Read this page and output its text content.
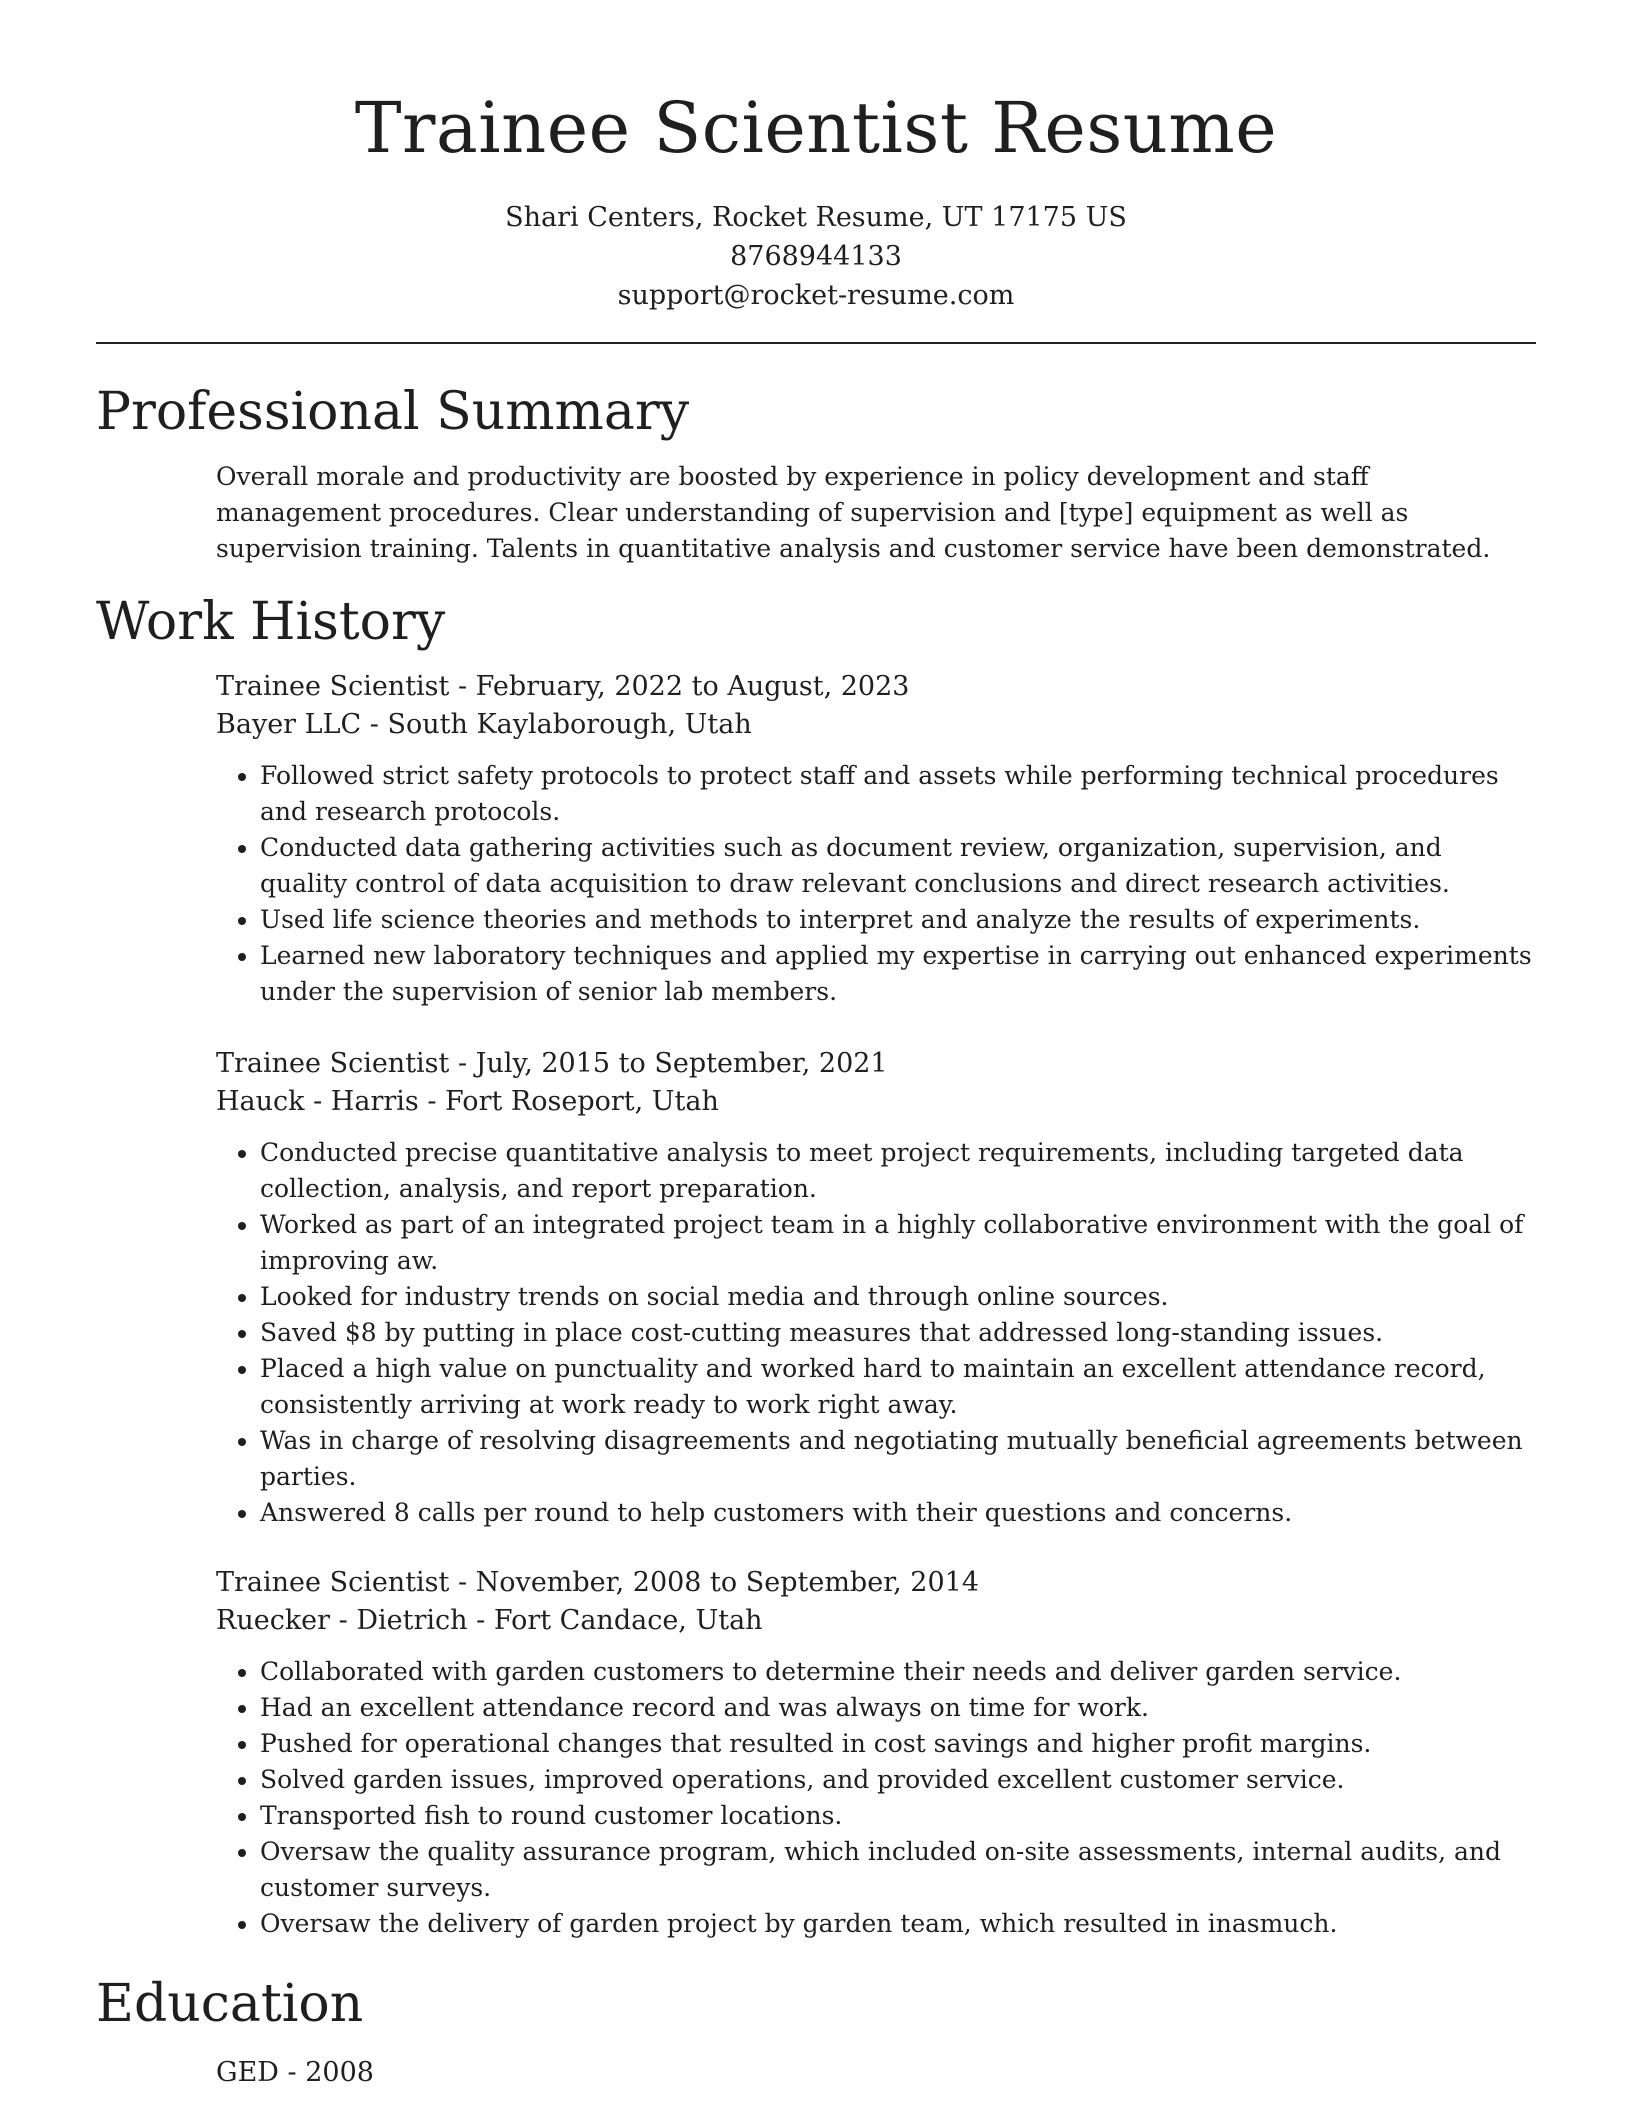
Trainee Scientist Resume
Shari Centers, Rocket Resume, UT 17175 US
8768944133
support@rocket-resume.com
Professional Summary

Overall morale and productivity are boosted by experience in policy development and staff management procedures. Clear understanding of supervision and [type] equipment as well as supervision training. Talents in quantitative analysis and customer service have been demonstrated.

Work History

Trainee Scientist - February, 2022 to August, 2023

Bayer LLC - South Kaylaborough, Utah

• Followed strict safety protocols to protect staff and assets while performing technical procedures and research protocols.
• Conducted data gathering activities such as document review, organization, supervision, and quality control of data acquisition to draw relevant conclusions and direct research activities.
• Used life science theories and methods to interpret and analyze the results of experiments.
• Learned new laboratory techniques and applied my expertise in carrying out enhanced experiments under the supervision of senior lab members.

Trainee Scientist - July, 2015 to September, 2021

Hauck - Harris - Fort Roseport, Utah

• Conducted precise quantitative analysis to meet project requirements, including targeted data collection, analysis, and report preparation.
• Worked as part of an integrated project team in a highly collaborative environment with the goal of improving aw.
• Looked for industry trends on social media and through online sources.
• Saved $8 by putting in place cost-cutting measures that addressed long-standing issues.
• Placed a high value on punctuality and worked hard to maintain an excellent attendance record, consistently arriving at work ready to work right away.
• Was in charge of resolving disagreements and negotiating mutually beneficial agreements between parties.
• Answered 8 calls per round to help customers with their questions and concerns.

Trainee Scientist - November, 2008 to September, 2014

Ruecker - Dietrich - Fort Candace, Utah

• Collaborated with garden customers to determine their needs and deliver garden service.
• Had an excellent attendance record and was always on time for work.
• Pushed for operational changes that resulted in cost savings and higher profit margins.
• Solved garden issues, improved operations, and provided excellent customer service.
• Transported fish to round customer locations.
• Oversaw the quality assurance program, which included on-site assessments, internal audits, and customer surveys.
• Oversaw the delivery of garden project by garden team, which resulted in inasmuch.
Education
GED - 2008
